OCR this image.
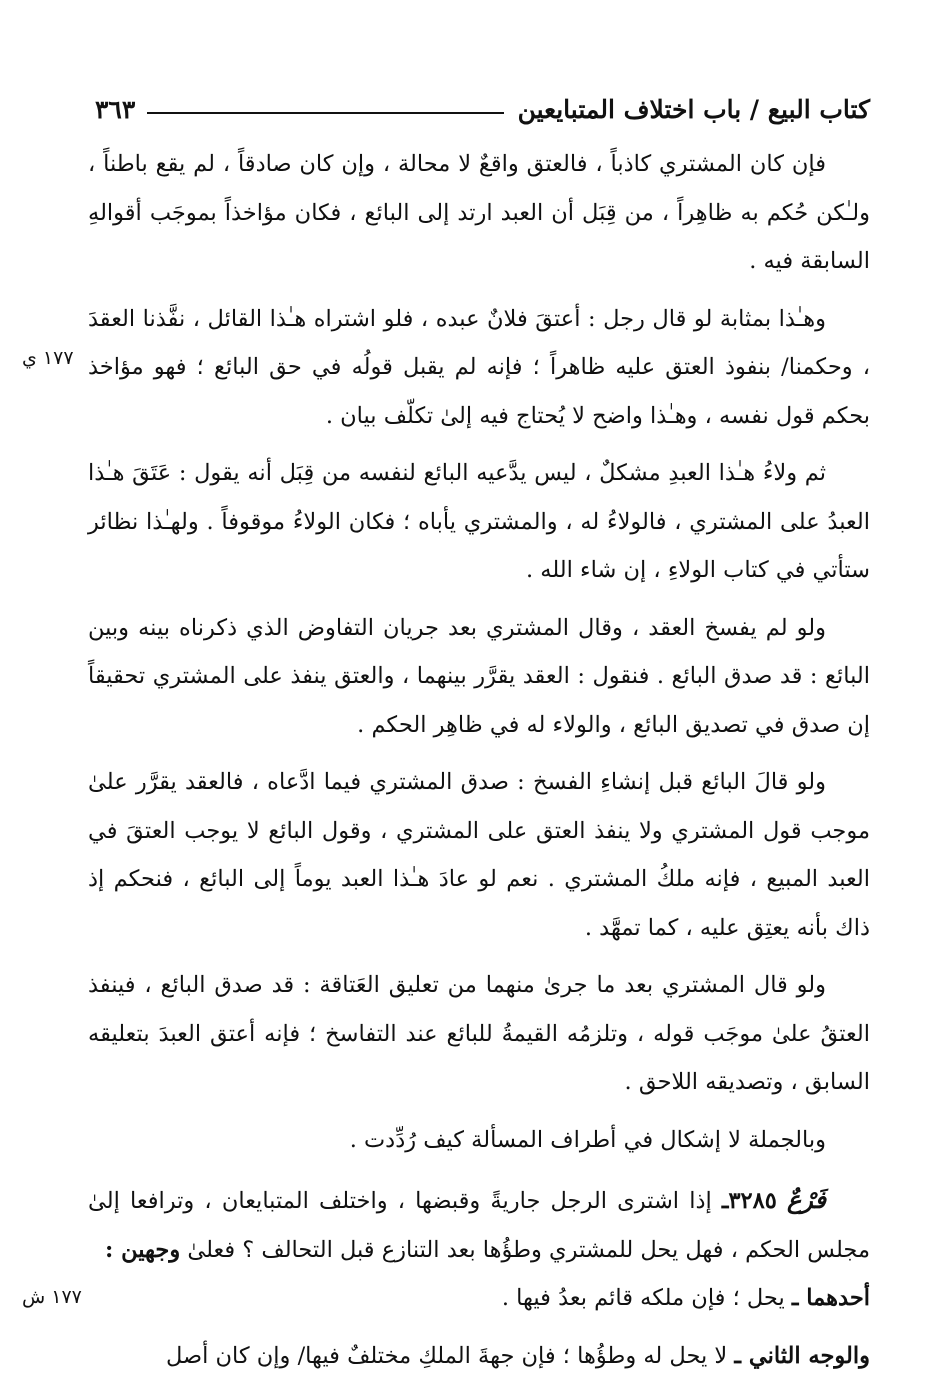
كتاب البيع / باب اختلاف المتبايعين
٣٦٣
١٧٧ ي
١٧٧ ش

فإن كان المشتري كاذباً ، فالعتق واقعٌ لا محالة ، وإن كان صادقاً ، لم يقع باطناً ، ولـٰكن حُكم به ظاهِراً ، من قِبَل أن العبد ارتد إلى البائع ، فكان مؤاخذاً بموجَب أقوالهِ السابقة فيه .

وهـٰذا بمثابة لو قال رجل : أعتقَ فلانٌ عبده ، فلو اشتراه هـٰذا القائل ، نفَّذنا العقدَ ، وحكمنا/ بنفوذ العتق عليه ظاهراً ؛ فإنه لم يقبل قولُه في حق البائع ؛ فهو مؤاخذ بحكم قول نفسه ، وهـٰذا واضح لا يُحتاج فيه إلىٰ تكلّف بيان .

ثم ولاءُ هـٰذا العبدِ مشكلٌ ، ليس يدَّعيه البائع لنفسه من قِبَل أنه يقول : عَتَقَ هـٰذا العبدُ على المشتري ، فالولاءُ له ، والمشتري يأباه ؛ فكان الولاءُ موقوفاً . ولهـٰذا نظائر ستأتي في كتاب الولاءِ ، إن شاء الله .

ولو لم يفسخ العقد ، وقال المشتري بعد جريان التفاوض الذي ذكرناه بينه وبين البائع : قد صدق البائع . فنقول : العقد يقرَّر بينهما ، والعتق ينفذ على المشتري تحقيقاً إن صدق في تصديق البائع ، والولاء له في ظاهِر الحكم .

ولو قالَ البائع قبل إنشاءِ الفسخ : صدق المشتري فيما ادَّعاه ، فالعقد يقرَّر علىٰ موجب قول المشتري ولا ينفذ العتق على المشتري ، وقول البائع لا يوجب العتقَ في العبد المبيع ، فإنه ملكُ المشتري . نعم لو عادَ هـٰذا العبد يوماً إلى البائع ، فنحكم إذ ذاك بأنه يعتِق عليه ، كما تمهَّد .

ولو قال المشتري بعد ما جرىٰ منهما من تعليق العَتاقة : قد صدق البائع ، فينفذ العتقُ علىٰ موجَب قوله ، وتلزمُه القيمةُ للبائع عند التفاسخ ؛ فإنه أعتق العبدَ بتعليقه السابق ، وتصديقه اللاحق .

وبالجملة لا إشكال في أطراف المسألة كيف رُدِّدت .

فَرْعٌ ٣٢٨٥ـ إذا اشترى الرجل جاريةً وقبضها ، واختلف المتبايعان ، وترافعا إلىٰ مجلس الحكم ، فهل يحل للمشتري وطؤُها بعد التنازع قبل التحالف ؟ فعلىٰ وجهين :
أحدهما ـ يحل ؛ فإن ملكه قائم بعدُ فيها .

والوجه الثاني ـ لا يحل له وطؤُها ؛ فإن جهةَ الملكِ مختلفٌ فيها/ وإن كان أصل
